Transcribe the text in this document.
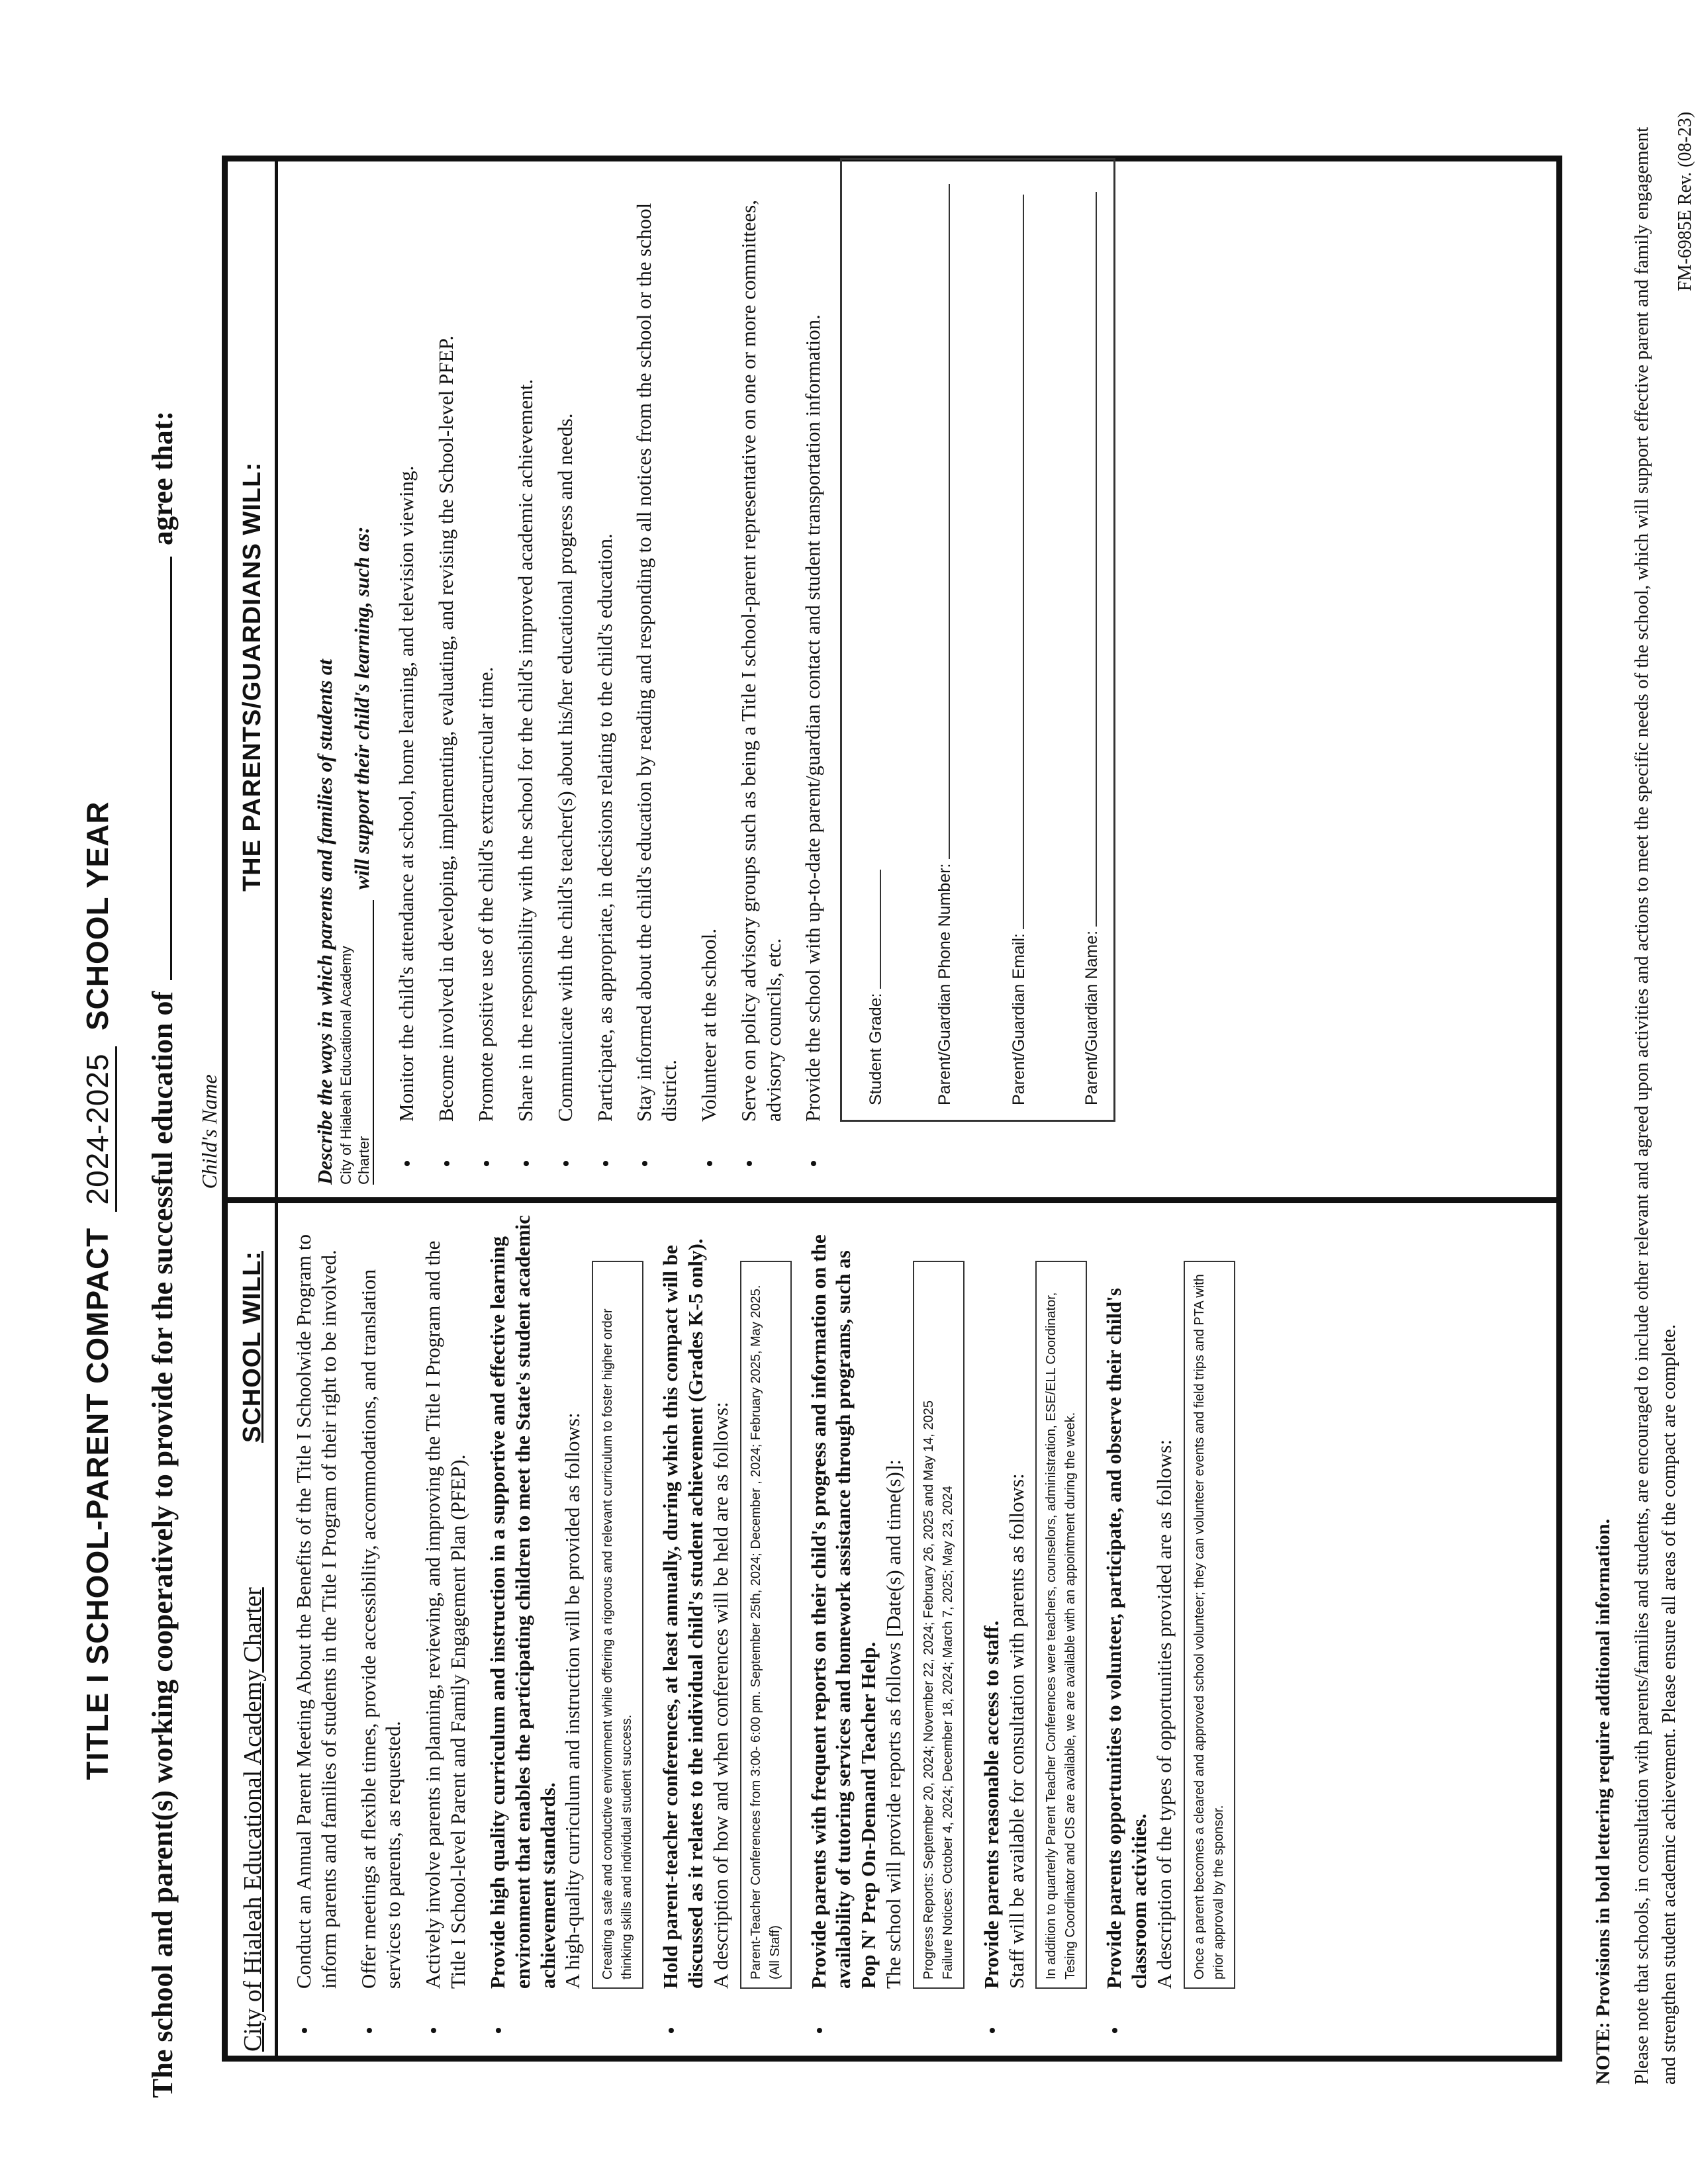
TITLE I SCHOOL-PARENT COMPACT 2024-2025 SCHOOL YEAR
The school and parent(s) working cooperatively to provide for the successful education of  agree that:
Child's Name
City of Hialeah Educational Academy Charter
SCHOOL WILL:
THE PARENTS/GUARDIANS WILL:
•
Conduct an Annual Parent Meeting About the Benefits of the Title I Schoolwide Program to inform parents and families of students in the Title I Program of their right to be involved.
•
Offer meetings at flexible times, provide accessibility, accommodations, and translation services to parents, as requested.
•
Actively involve parents in planning, reviewing, and improving the Title I Program and the Title I School-level Parent and Family Engagement Plan (PFEP).
•
Provide high quality curriculum and instruction in a supportive and effective learning environment that enables the participating children to meet the State's student academic achievement standards. A high-quality curriculum and instruction will be provided as follows:	Creating a safe and conductive environment while offering a rigorous and relevant curriculum to foster higher order thinking skills and individual student success.
•
Hold parent-teacher conferences, at least annually, during which this compact will be discussed as it relates to the individual child's student achievement (Grades K-5 only). A description of how and when conferences will be held are as follows:	Parent-Teacher Conferences from 3:00- 6:00 pm. September 25th, 2024; December , 2024; February 2025, May 2025. (All Staff)
•
Provide parents with frequent reports on their child's progress and information on the availability of tutoring services and homework assistance through programs, such as Pop N' Prep On-Demand Teacher Help. The school will provide reports as follows [Date(s) and time(s)]:	Progress Reports: September 20, 2024; November 22, 2024; February 26, 2025 and May 14, 2025
Failure Notices: October 4, 2024; December 18, 2024; March 7, 2025; May 23, 2024
•
Provide parents reasonable access to staff. Staff will be available for consultation with parents as follows:	In addition to quarterly Parent Teacher Conferences were teachers, counselors, administration, ESE/ELL Coordinator, Tesing Coordinator and CIS are available, we are available with an appointment during the week.
•
Provide parents opportunities to volunteer, participate, and observe their child's classroom activities. A description of the types of opportunities provided are as follows:	Once a parent becomes a cleared and approved school volunteer; they can volunteer events and field trips and PTA with prior approval by the sponsor.
Describe the ways in which parents and families of students at City of Hialeah Educational Academy Charter will support their child's learning, such as:
•
Monitor the child's attendance at school, home learning, and television viewing.
•
Become involved in developing, implementing, evaluating, and revising the School-level PFEP.
•
Promote positive use of the child's extracurricular time.
•
Share in the responsibility with the school for the child's improved academic achievement.
•
Communicate with the child's teacher(s) about his/her educational progress and needs.
•
Participate, as appropriate, in decisions relating to the child's education.
•
Stay informed about the child's education by reading and responding to all notices from the school or the school district.
•
Volunteer at the school.
•
Serve on policy advisory groups such as being a Title I school-parent representative on one or more committees, advisory councils, etc.
•
Provide the school with up-to-date parent/guardian contact and student transportation information.	Student Grade:	Parent/Guardian Phone Number:	Parent/Guardian Email:	Parent/Guardian Name:
NOTE: Provisions in bold lettering require additional information. Please note that schools, in consultation with parents/families and students, are encouraged to include other relevant and agreed upon activities and actions to meet the specific needs of the school, which will support effective parent and family engagement and strengthen student academic achievement. Please ensure all areas of the compact are complete.
FM-6985E Rev. (08-23)
